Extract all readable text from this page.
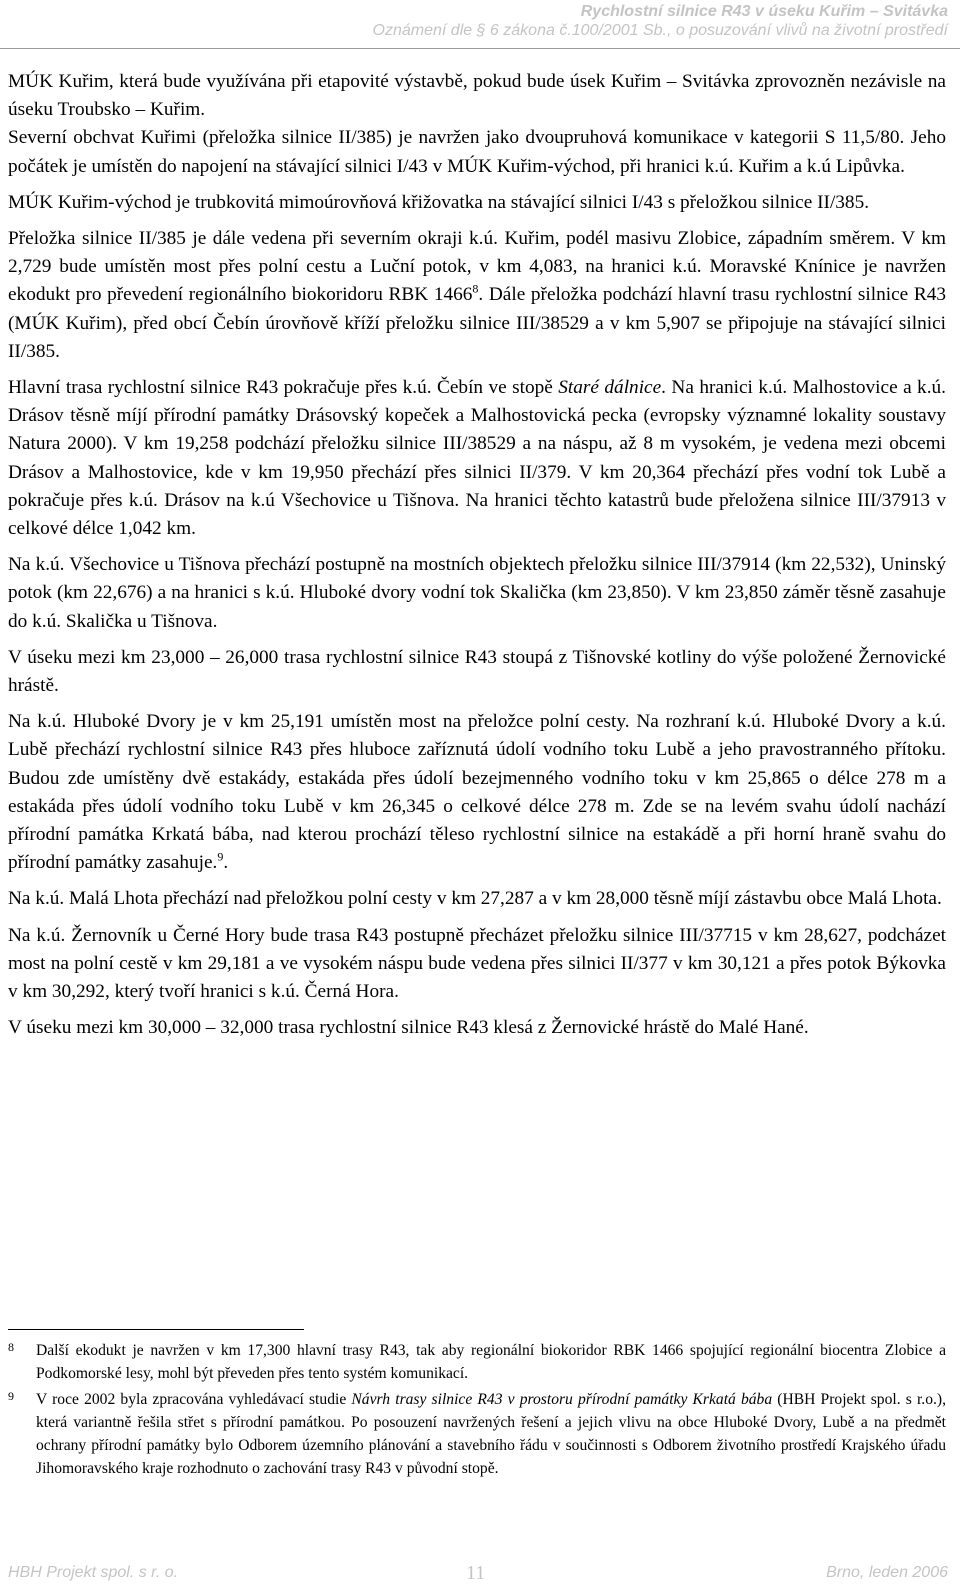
Rychlostní silnice R43 v úseku Kuřim – Svitávka
Oznámení dle § 6 zákona č.100/2001 Sb., o posuzování vlivů na životní prostředí

MÚK Kuřim, která bude využívána při etapovité výstavbě, pokud bude úsek Kuřim – Svitávka zprovozněn nezávisle na úseku Troubsko – Kuřim.

Severní obchvat Kuřimi (přeložka silnice II/385) je navržen jako dvoupruhová komunikace v kategorii S 11,5/80. Jeho počátek je umístěn do napojení na stávající silnici I/43 v MÚK Kuřim-východ, při hranici k.ú. Kuřim a k.ú Lipůvka.

MÚK Kuřim-východ je trubkovitá mimoúrovňová křižovatka na stávající silnici I/43 s přeložkou silnice II/385.

Přeložka silnice II/385 je dále vedena při severním okraji k.ú. Kuřim, podél masivu Zlobice, západním směrem. V km 2,729 bude umístěn most přes polní cestu a Luční potok, v km 4,083, na hranici k.ú. Moravské Knínice je navržen ekodukt pro převedení regionálního biokoridoru RBK 1466$^8$. Dále přeložka podchází hlavní trasu rychlostní silnice R43 (MÚK Kuřim), před obcí Čebín úrovňově kříží přeložku silnice III/38529 a v km 5,907 se připojuje na stávající silnici II/385.

Hlavní trasa rychlostní silnice R43 pokračuje přes k.ú. Čebín ve stopě Staré dálnice. Na hranici k.ú. Malhostovice a k.ú. Drásov těsně míjí přírodní památky Drásovský kopeček a Malhostovická pecka (evropsky významné lokality soustavy Natura 2000). V km 19,258 podchází přeložku silnice III/38529 a na náspu, až 8 m vysokém, je vedena mezi obcemi Drásov a Malhostovice, kde v km 19,950 přechází přes silnici II/379. V km 20,364 přechází přes vodní tok Lubě a pokračuje přes k.ú. Drásov na k.ú Všechovice u Tišnova. Na hranici těchto katastrů bude přeložena silnice III/37913 v celkové délce 1,042 km.

Na k.ú. Všechovice u Tišnova přechází postupně na mostních objektech přeložku silnice III/37914 (km 22,532), Uninský potok (km 22,676) a na hranici s k.ú. Hluboké dvory vodní tok Skalička (km 23,850). V km 23,850 záměr těsně zasahuje do k.ú. Skalička u Tišnova.

V úseku mezi km 23,000 – 26,000 trasa rychlostní silnice R43 stoupá z Tišnovské kotliny do výše položené Žernovické hrástě.

Na k.ú. Hluboké Dvory je v km 25,191 umístěn most na přeložce polní cesty. Na rozhraní k.ú. Hluboké Dvory a k.ú. Lubě přechází rychlostní silnice R43 přes hluboce zaříznutá údolí vodního toku Lubě a jeho pravostranného přítoku. Budou zde umístěny dvě estakády, estakáda přes údolí bezejmenného vodního toku v km 25,865 o délce 278 m a estakáda přes údolí vodního toku Lubě v km 26,345 o celkové délce 278 m. Zde se na levém svahu údolí nachází přírodní památka Krkatá bába, nad kterou prochází těleso rychlostní silnice na estakádě a při horní hraně svahu do přírodní památky zasahuje.$^9$.

Na k.ú. Malá Lhota přechází nad přeložkou polní cesty v km 27,287 a v km 28,000 těsně míjí zástavbu obce Malá Lhota.

Na k.ú. Žernovník u Černé Hory bude trasa R43 postupně přecházet přeložku silnice III/37715 v km 28,627, podcházet most na polní cestě v km 29,181 a ve vysokém náspu bude vedena přes silnici II/377 v km 30,121 a přes potok Býkovka v km 30,292, který tvoří hranici s k.ú. Černá Hora.

V úseku mezi km 30,000 – 32,000 trasa rychlostní silnice R43 klesá z Žernovické hrástě do Malé Hané.

8 Další ekodukt je navržen v km 17,300 hlavní trasy R43, tak aby regionální biokoridor RBK 1466 spojující regionální biocentra Zlobice a Podkomorské lesy, mohl být převeden přes tento systém komunikací.
9 V roce 2002 byla zpracována vyhledávací studie Návrh trasy silnice R43 v prostoru přírodní památky Krkatá bába (HBH Projekt spol. s r.o.), která variantně řešila střet s přírodní památkou. Po posouzení navržených řešení a jejich vlivu na obce Hluboké Dvory, Lubě a na předmět ochrany přírodní památky bylo Odborem územního plánování a stavebního řádu v součinnosti s Odborem životního prostředí Krajského úřadu Jihomoravského kraje rozhodnuto o zachování trasy R43 v původní stopě.
HBH Projekt spol. s r. o.	11	Brno, leden 2006
